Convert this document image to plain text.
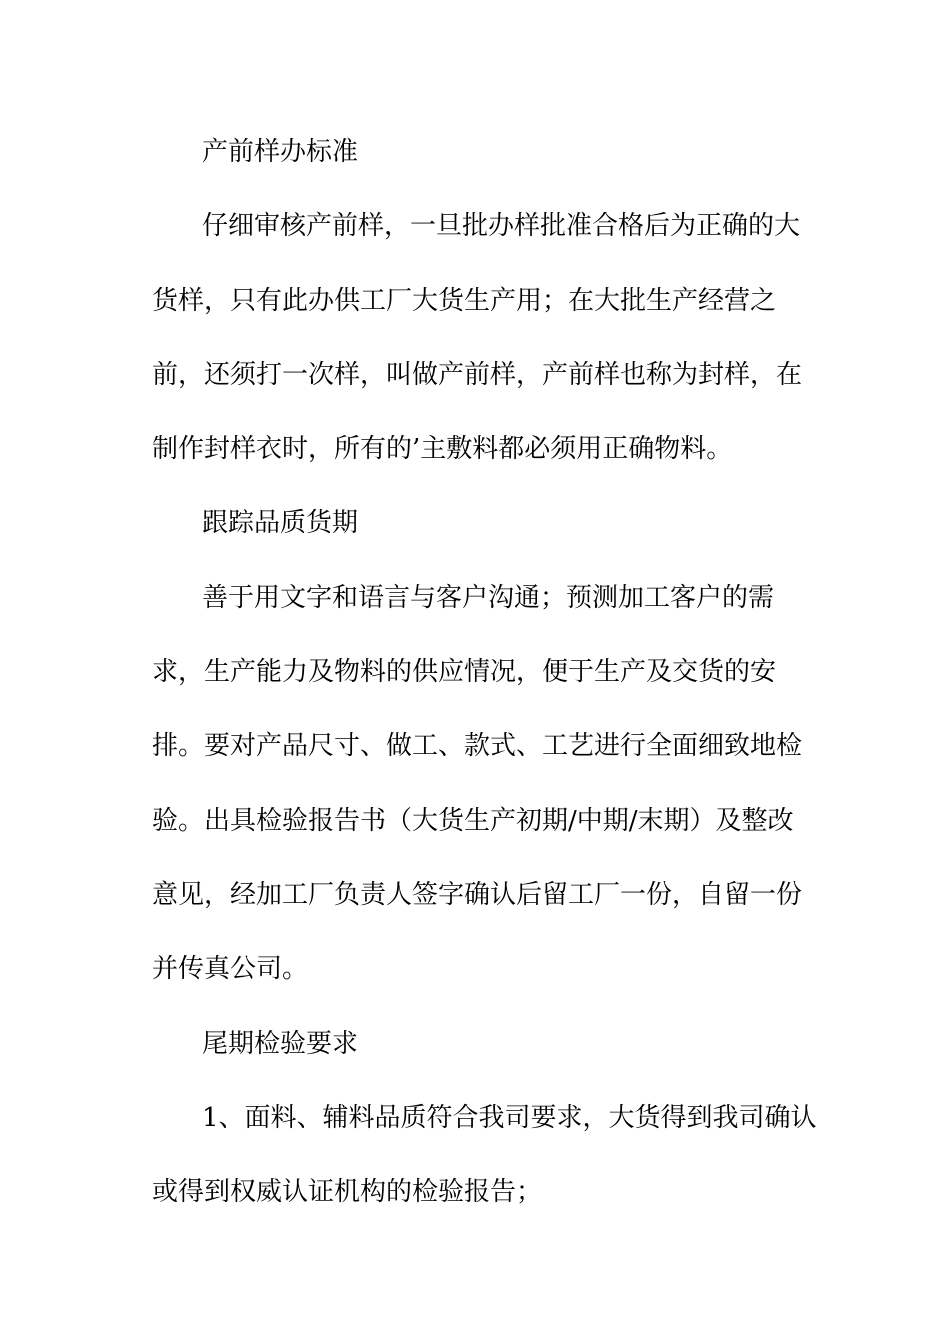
产前样办标准
仔细审核产前样，一旦批办样批准合格后为正确的大
货样，只有此办供工厂大货生产用；在大批生产经营之
前，还须打一次样，叫做产前样，产前样也称为封样，在
制作封样衣时，所有的’主敷料都必须用正确物料。
跟踪品质货期
善于用文字和语言与客户沟通；预测加工客户的需
求，生产能力及物料的供应情况，便于生产及交货的安
排。要对产品尺寸、做工、款式、工艺进行全面细致地检
验。出具检验报告书（大货生产初期/中期/末期）及整改
意见，经加工厂负责人签字确认后留工厂一份，自留一份
并传真公司。
尾期检验要求
1、面料、辅料品质符合我司要求，大货得到我司确认
或得到权威认证机构的检验报告；
